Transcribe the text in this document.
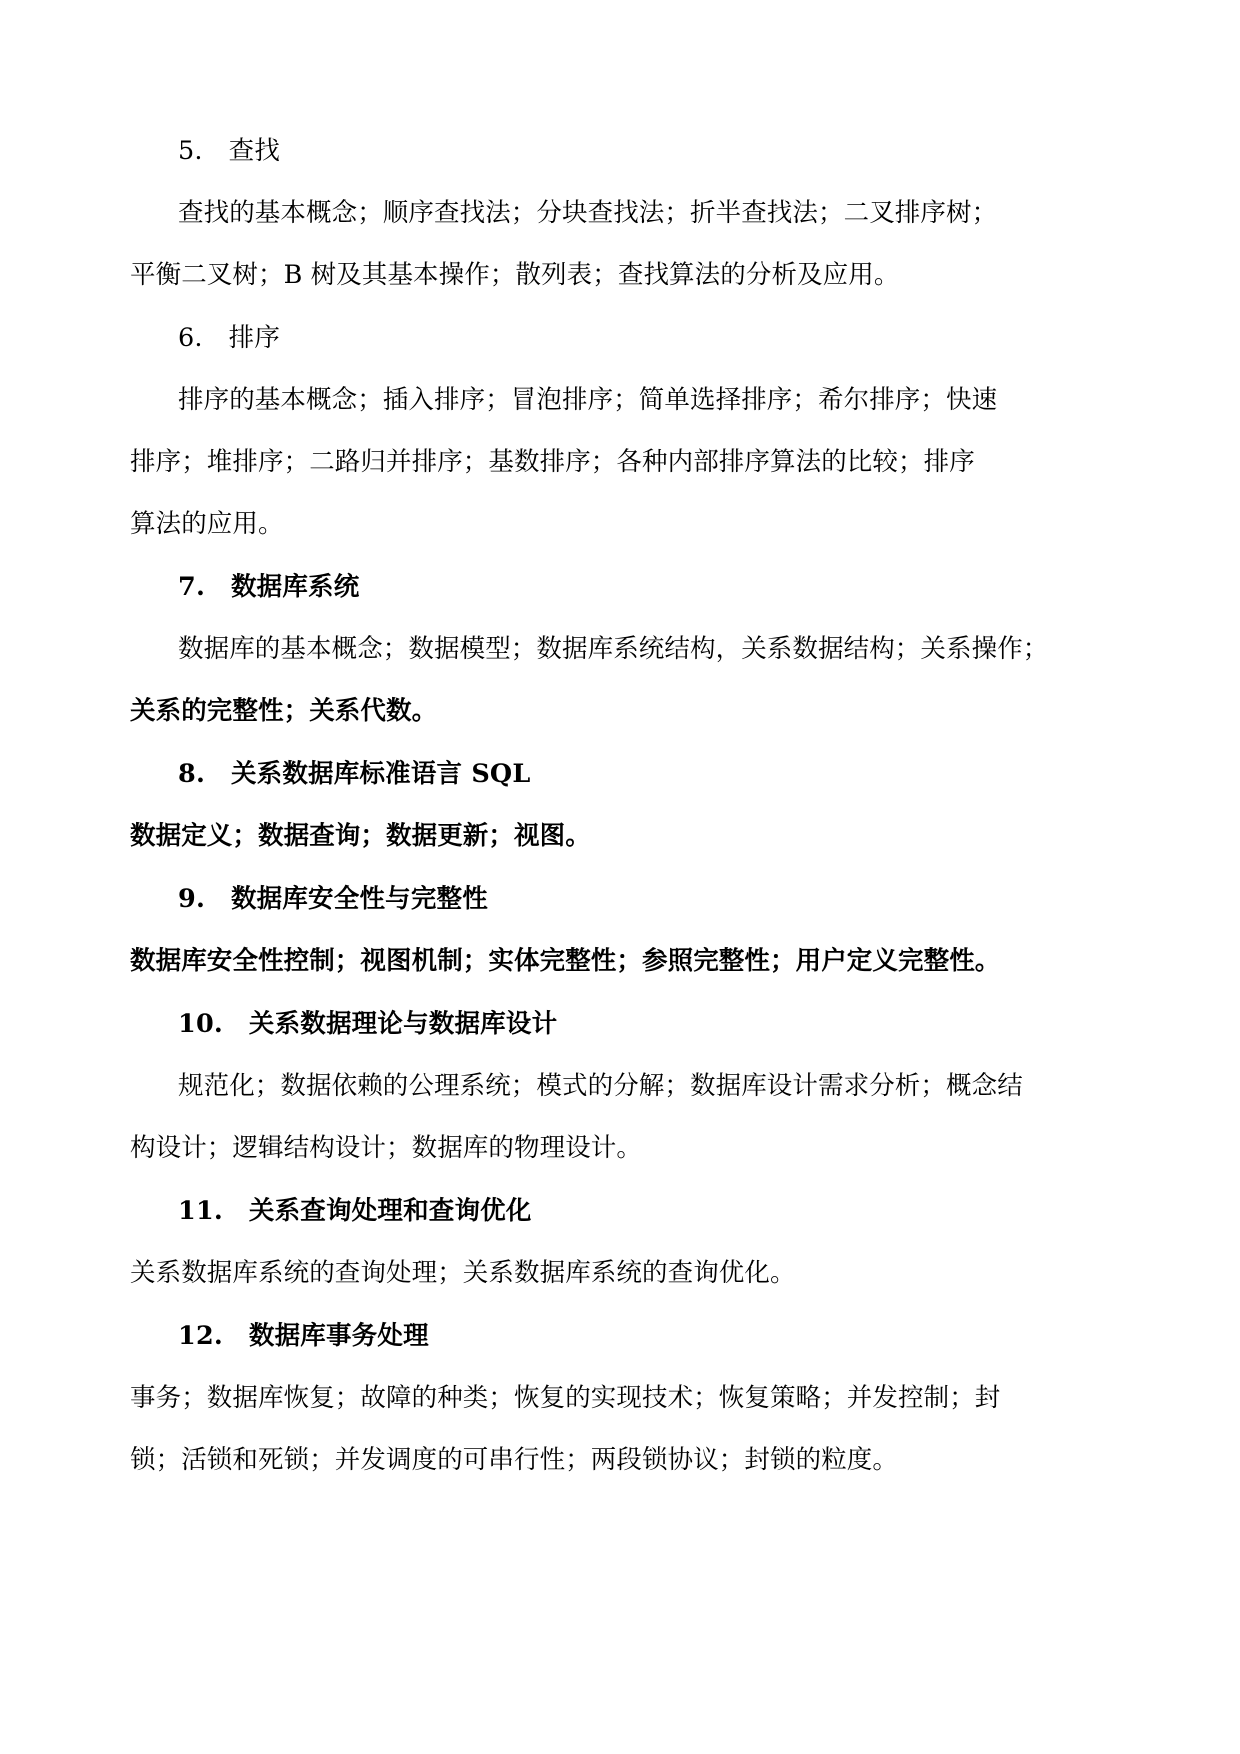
5.   查找
查找的基本概念；顺序查找法；分块查找法；折半查找法；二叉排序树；
平衡二叉树；B 树及其基本操作；散列表；查找算法的分析及应用。
6.   排序
排序的基本概念；插入排序；冒泡排序；简单选择排序；希尔排序；快速
排序；堆排序；二路归并排序；基数排序；各种内部排序算法的比较；排序
算法的应用。
7.   数据库系统
数据库的基本概念；数据模型；数据库系统结构，关系数据结构；关系操作；
关系的完整性；关系代数。
8.   关系数据库标准语言 SQL
数据定义；数据查询；数据更新；视图。
9.   数据库安全性与完整性
数据库安全性控制；视图机制；实体完整性；参照完整性；用户定义完整性。
10.   关系数据理论与数据库设计
规范化；数据依赖的公理系统；模式的分解；数据库设计需求分析；概念结
构设计；逻辑结构设计；数据库的物理设计。
11.   关系查询处理和查询优化
关系数据库系统的查询处理；关系数据库系统的查询优化。
12.   数据库事务处理
事务；数据库恢复；故障的种类；恢复的实现技术；恢复策略；并发控制；封
锁；活锁和死锁；并发调度的可串行性；两段锁协议；封锁的粒度。
